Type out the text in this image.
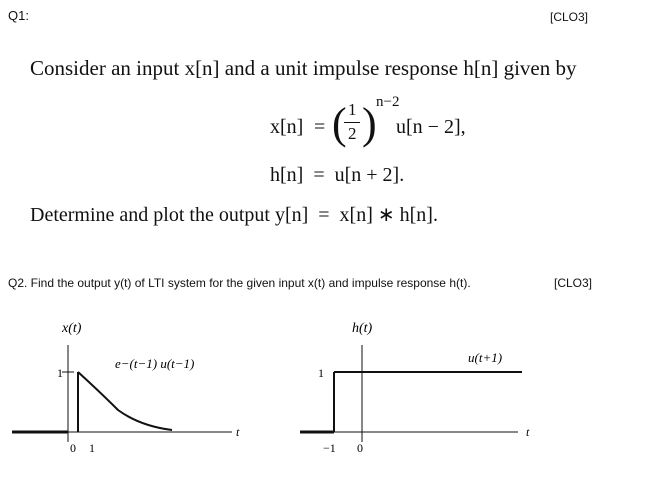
Q1:	[CLO3]
Consider an input x[n] and a unit impulse response h[n] given by
x[n] = ( 1
2 ) n−2
u[n − 2],
h[n]  =  u[n + 2].
Determine and plot the output y[n]  =  x[n] ∗ h[n].
Q2. Find the output y(t) of LTI system for the given input x(t) and impulse response h(t).	[CLO3]
x(t)
1
e−(t−1) u(t−1)
t
0 1
h(t)
1
u(t+1)
t
−1 0
